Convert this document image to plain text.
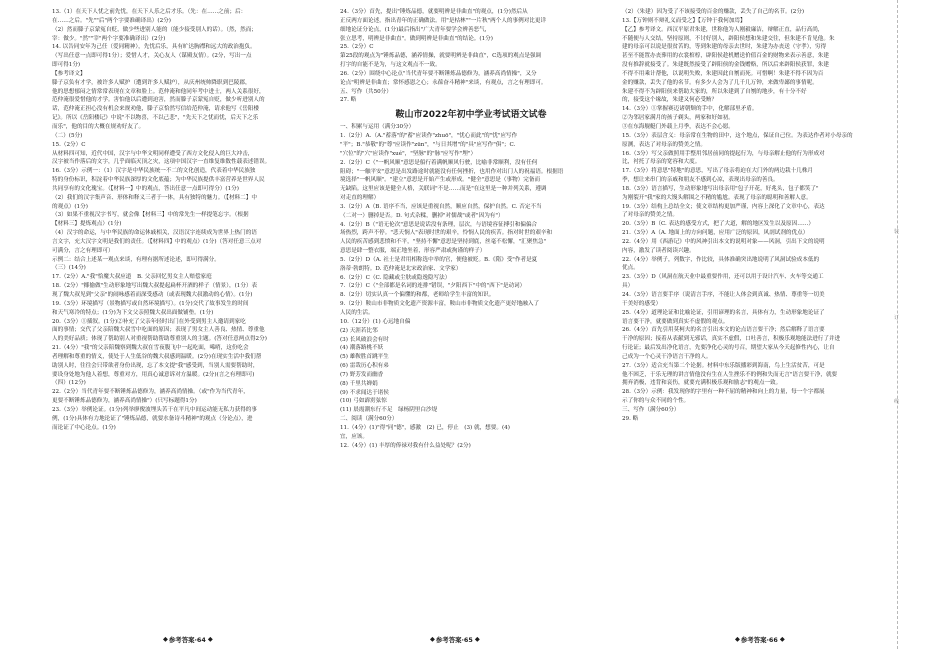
13.（1）在天下人忧之前先忧，在天下人乐之后才乐。（先：在……之前；后：

在……之后。"先""后"两个字要准确译出）(2分)

（2）然而滕子京蒙冤自贬，做少些进别人能的（能少接受别人的话）。（然，然而；

宰：做少。"然""宰"两个字要准确译出）(2分)

14. 以告同安年为己任（爱同精神），先忧后乐，具有旷达胸襟和远大的政治抱负。

（写出任意一点即可得1分）；爱惜人才，关心友人（谋殿友情）。(2分，写出一点

即可得1分)

【参考译文】

滕子京负有才学，被许多人赋护（遭到许多人赋护），从庆州统帅降职到巴陵郡，

他的思想郁闷之情常常表现在文章和脸上。范仲淹和他同年考中进士，两人关系很好，

范仲淹很爱惜他的才学。害怕他以后遭到迫害，然而滕子京蒙冤自贬，做少听进别人的

话，范仲淹正担心没有机会来规劝他，滕子京恰然写信给范仲淹，请求他写《岳阳楼

记》。所以《岳阳楼记》中说"不以物喜，不以己悲"，"先天下之忧而忧，后天下之乐

而乐"，他的目的大概在规劝好友了。

（二）(5分)

15.（2分）C

从材料四可知，近代中国，汉字与中华文明同样遭受了西方文化侵入的巨大冲击，

汉字被当作落后的文字，几乎面临灭顶之灾，这项中国汉字一直维复维数性载表述错误。

16.（3分）示例一：（1）汉字是中华民族统一不二的文化创造，代表着中华民族独

特的身份标识，积淀着中华民族深厚的文化底蕴；为中华民族提供丰富营养是世界人民

共同享有的文化瑰宝。（【材料一】中的观点，答出任意一点即可得分）(1分)

（2）我们的汉字集声音、形体和释义三者于一体，具有独特的魅力。（【材料二】中

的观点）(1分)

（3）如果不重视汉字书写，就会像【材料三】中的常先生一样提笔忘字。（根据

【材料三】提炼观点）(1分)

（4）汉字的命运，与中华民族的命运休戚相关，汉语汉字连续成为世界上热门的语

言文字，充大汉字文明是我们的责任。（【材料四】中的观点）(1分)（答对任意三点对

可满分，言之有理即可）

示例二：结合上述某一观点来谈，有理有据所述论述，即可得满分。

（三）(14分)

17.（2分）A."我"恰魔大叔应道　B. 父亲回忆男女主人赔偿家庭

18.（2分）"揶揄做"生动形象地写出魏大叔提起扁杯开酒的样子（情景），(1分）表

现了魏大叔见到"父亲"的闹咏感着而深受感动（或表现魏大叔激动的心情）。(1分)

19.（3分）环境描写（景物描写或自然环境描写）。(1分)交代了故事发生的时间

和天气寒冷的特点；(1分)为下文父亲照魏大叔出面做铺垫。(1分)

20.（3分）①插叙。(1分)②补充了父亲年轻时出门在外受到男主人邀请到家吃

面的事情；交代了父亲陪魏大叔雪中吃面的原因；表现了男女主人善良、热情、尊重他

人的美好品质；体现了帮助别人对重视帮助帮助尊重别人的主题。(答对任意两点得2分)

21.（4分）"我"的父亲陪魏察到魏大叔在雪夜腹飞中一起吃面，唏哨，这份吃会

者理解和尊重的情义，使处于人生低谷的魏大叔感到温暖。(2分)在现实生活中我们帮

助别人时，往往会只带欲者身份出现，忘了本文提"我"感受到，当别人需要帮助时，

要设身处地为他人着想，尊重对方，用真心诚意诉对方温暖。(2分)(言之有理即可)

（四）(12分)

22.（2分）当代青年要不断锤炼品德修为，涵养高尚情操。（或"作为当代青年，

更要不断锤炼品德修为，涵养高尚情操"）(只写标题得1分)

23.（3分）举例论证。(1分)列举廖俊波埋头苦干在平凡中间运动能无私力获得的事

例，(1分)具体有力地论证了"锤炼品德，就要水备诗斗精神"的观点（分论点），进

而论证了中心论点。(1分)

◆ 参考答案·64 ◆

24.（3分）首先，提出"锤炼品德，就要明辨是非曲直"的观点，(1分)然后从

正反两方面论述，指出青年的正确做法。用"是枯林""一片秋"两个人的事例对比更详

细地论证分论点，(1分)最后指出"广大青年要学会辨善恶气，

张立思考，明辨是非曲直"。做到明辨是非曲直"的结论。(1分)

25.（2分）C

第25段的观点为"锤炼品德，涵养情操，就要明辨是非曲直"，C选项的观点是强调

打字的自能不是为，与这文观点不一致。

26.（2分）围绕中心论点"当代青年要不断锤炼品德修为，涵养高尚情操"，又分

论点"明辨是非曲直；常怀感恩之心；永葆奋斗精神"来谈，有观点，言之有理即可。

五、写作（共50分）

27. 略

鞍山市2022年初中学业考试语文试卷

一、积累与运用（满分30分）

1.（2分）A.（A."蓄落"的"蓄"应读作"zhuō"，"忧心而此"的"忧"应写作

"平"；B."恭敬"的"尊"应读作"zūn"，"与日其增"的"具"应写作"俱"；C.

"穴位"的"穴"应读作"xué"，"坚脉"的"脉"应写作"埋"）

2.（2分）C（"一帆风顺"意思是船行着满帆顺风行驶，比喻非常顺利，没有任何

阻碍；"一触平安"意思是出发路途时就能没有任何挫折，也用作对出门人的祝福语。根据语

境选择"一帆风顺"。"建立"意思是开始产生或形成。"健全"意思是（事物）完备而

无缺陷。这里应该是健全人格，关联词"不是……而是"在这里是一种并列关系，遵调

对走直的理解）

3.（2分）A（B. 语序不当，应该是重视自然，顺应自然，保护自然。C. 否定不当

（二对一）删掉是否。D. 句式杂糅，删掉"对儒战"或者"因为有"）

4.（2分）B（"语无伦次"意思是说话没有条理，层次，与语境容征搏引和偏偏合

场热烈，跨声不停。"悲天悯人"表现时世的艰辛，怜悯人民的疾苦。指对时世的艰辛和

人民的疾苦感到悲愤和不平，"坚持不懈"意思是坚持到底，丝毫不松懈，"汇聚焦急"

意思是肆一整衣服，端正地坐着，形容严肃或拘谨的样子）

5.（2分）D（A. 社士是君用相称选中举的官，便他被贬。B.《隋》受"作者是夏

洛蒂·勃朗特。D. 范仲淹是北宋政治家、文学家）

6.（2分）C（C. 隐藏或尘肤或隐逸隐写法）

7.（2分）C（"全部都是名词的连排"错误，"夕阳西下"中的"西下"是动词）

8.（2分）切实认真一个偏懂的和都，老师给学生丰富的知识。

9.（2分）鞍山市非物质文化遗产资源丰富，鞍山市非物质文化遗产更好地融入了

人民的生活。

10.（12分）(1) 心远地自偏

(2) 天涯若比邻

(3) 长风破浪会有时

(4) 潮落路桃不妖

(5) 雄鞍胜首跳平生

(6) 雷哉历心积有弟

(7) 野芳发而幽香

(8) 千里共婵娟

(9) 不求闻达于诸侯

(10) 弓如霹雳弦惊

(11) 晨霞潮东行不足　绿杨阴里白沙堤

二、阅读（满分60分）

11.（4分）(1)"得"同"德"，感激　(2) 已，停止　(3) 就，想要。(4)

宜，应该。

12.（4分）(1) 丰厚的俸禄对我有什么益处呢？(2分)

◆ 参考答案·65 ◆

（2）（朱建）因为受了不该接受的百金的赚款，丢失了自己的名节。(2分)

13.【万钟则不辩礼义而受之】【万钟于我何加焉】

【乙】参考译文。西汉平原君朱建，世称他为人刚毅廉洁，辩解正直，品行高尚，

不随便与人交结，坚持原则，不讨好别人，辟阳侯想和朱建交往，但朱建不肯见他。朱

建的母亲可以说是很贫苦的，等到朱建的母亲去世时，朱建为办丧送（守孝），穷得

甚至不能置办丧葬用的衣裳棺椁，辟阳侯趁机赠送价值百金的财物来表示善意，朱建

没有推辞就接受了。朱建既然接受了辟阳侯的金钱赠赂，所以后来辟阳侯获罪，朱建

不得不用乘计帮他，以说明失败，朱建因此自刎而死。可惜啊！朱建不得不因为百

金的赚款，丢失了他的名节。有多少人会为了几千几万钟，来做卑鄙的事情呢。

朱建不得不为辟阳侯来帮助大家的，所以朱建到了自刎的地步，有十分不好

的，接受这个缘故，朱建又何必受贿？

14.（3分）①掌握赛迈诸朝颓的手中，化解部里矛盾。

②为邻居家满月的孩子剃头，两家和好如初。

③在东海舰艇门外载上月季，表达不会心愿。

15.（3分）表层含义：母亲常在生物的田中，这个地点，保证自己位。为表达作者对小母亲的

原测，表达了对母亲的赞美之情。

16.（3分）写父亲做照用手整用邻居前同的提起行为，与母亲解止他的行为形成对

比，衬托了母亲的宽容和大度。

17.（3分）将意思"特地"的意思，写出了母亲将迫在大门外的两边栽十几株月

季，想让来串门的亲戚和朋友不感到心凉，表现出母亲的善良。

18.（3分）语言描写，生动形象地写出母亲用"包子开花，好兆头，包子都笑了"

为刚裂开"我"家的大馒头解围之不精的尴尬。表现了母亲的聪明和善解人意。

19.（3分）结构上总结全文；使文章结构更加严谨，内容上深化了文章中心，表达

了对母亲的赞美之情。

20.（3分）B（C. 表达的感受方式，把了大道，解的地区发生以及原因……）

21.（3分）A（A. 地面上的方向问题，应用广泛的原因，风剖试剂的优点）

22.（4分）用《西游记》中的风神引出本文的说明对象——风洞，引出下文的说明

内容，激发了读者阅读兴趣。

22.（4分）举例子，列数字，作比较，具体准确突出地说明了风洞试验成本低的

优点。

23.（3分）D（风洞在航天业中最重要作用，还可以用于设计汽车、火车等交通工

具）

24.（3分）语言要手序（说清言手序，不能让人体会到真诚、热情、尊重等一切美

干美好的感受）

25.（4分）道理论证和比喻论证，引用谚理的名言，具体有力，生动形象地论证了

语言要干净，就要做到真实不虚假的观点。

26.（4分）首先引用莫柯夫的名言引出本文的论点语言要干净；然后解释了语言要

干净的原因；接着从表献到无邪话，真实不虚假，口吐善言，积极乐观地能法进行了并进

行论证；最后发出净化语言，先要净化心灵的号召，期望大家从今天起修性内心，让自

己成为一个心灵干净语言干净的人。

27.（3分）适合充当第二个论据。材料中东乐版播彩到海南，鸟上生活贫苦，可是

他不困乏，于乐无理的讲言情他没有生在人生挫乐不的例和失而无言"语言要干净，就要

拥弃消极，违背和哀伤，就要充满积极乐观和励志"的观点一致。

28.（3分）示例：我发现你的字里有一种不屈的精神和向上的力量，每一个字都展

示了你的与众不同的个性。

三、写作（满分60分）

29. 略

◆ 参考答案·66 ◆
装
订
线
